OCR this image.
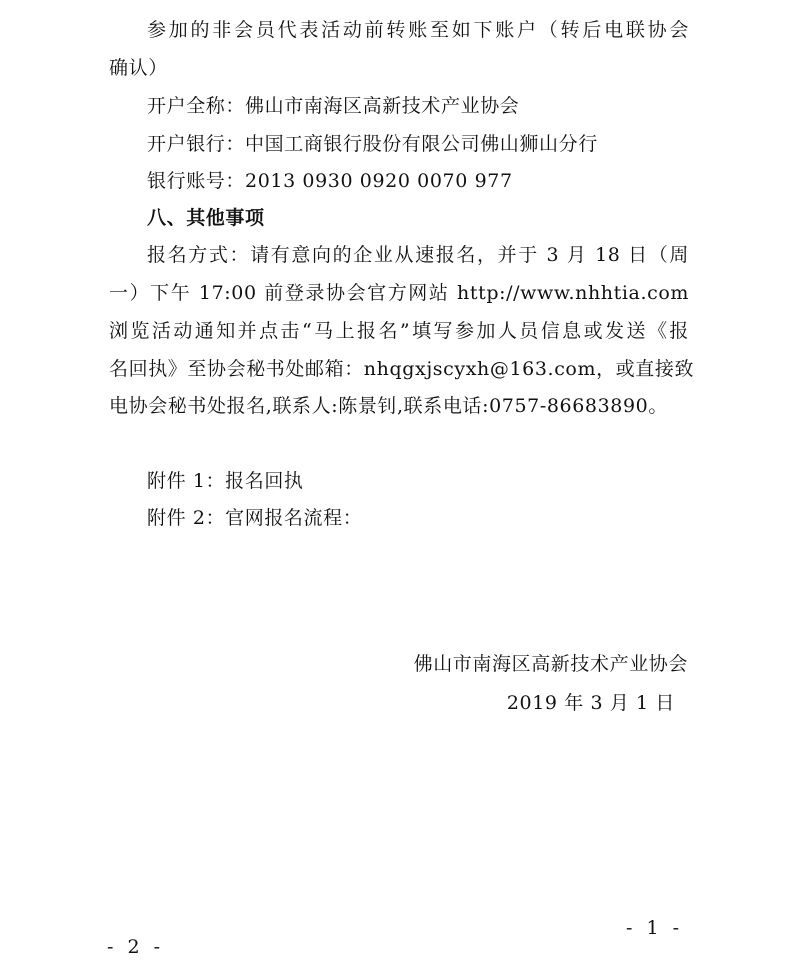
参加的非会员代表活动前转账至如下账户（转后电联协会
确认）
开户全称：佛山市南海区高新技术产业协会
开户银行：中国工商银行股份有限公司佛山狮山分行
银行账号：2013 0930 0920 0070 977
八、其他事项
报名方式：请有意向的企业从速报名，并于 3 月 18 日（周
一）下午 17:00 前登录协会官方网站 http://www.nhhtia.com
浏览活动通知并点击“马上报名”填写参加人员信息或发送《报
名回执》至协会秘书处邮箱：nhqgxjscyxh@163.com，或直接致
电协会秘书处报名,联系人:陈景钊,联系电话:0757-86683890。
附件 1：报名回执
附件 2：官网报名流程：
佛山市南海区高新技术产业协会
2019 年 3 月 1 日
- 1 -
- 2 -
